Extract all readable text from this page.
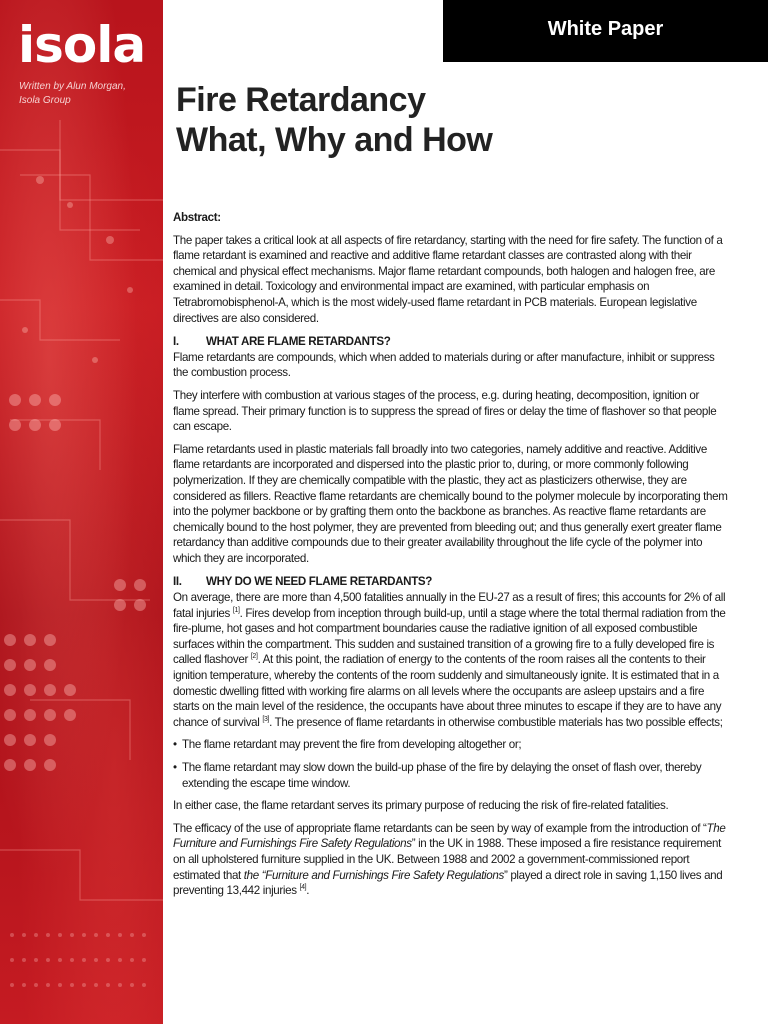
isola
Written by Alun Morgan, Isola Group
White Paper
Fire Retardancy
What, Why and How

Abstract:

The paper takes a critical look at all aspects of fire retardancy, starting with the need for fire safety. The function of a flame retardant is examined and reactive and additive flame retardant classes are contrasted along with their chemical and physical effect mechanisms. Major flame retardant compounds, both halogen and halogen free, are examined in detail. Toxicology and environmental impact are examined, with particular emphasis on Tetrabromobisphenol-A, which is the most widely-used flame retardant in PCB materials. European legislative directives are also considered.

I. WHAT ARE FLAME RETARDANTS?

Flame retardants are compounds, which when added to materials during or after manufacture, inhibit or suppress the combustion process.

They interfere with combustion at various stages of the process, e.g. during heating, decomposition, ignition or flame spread. Their primary function is to suppress the spread of fires or delay the time of flashover so that people can escape.

Flame retardants used in plastic materials fall broadly into two categories, namely additive and reactive. Additive flame retardants are incorporated and dispersed into the plastic prior to, during, or more commonly following polymerization. If they are chemically compatible with the plastic, they act as plasticizers otherwise, they are considered as fillers. Reactive flame retardants are chemically bound to the polymer molecule by incorporating them into the polymer backbone or by grafting them onto the backbone as branches. As reactive flame retardants are chemically bound to the host polymer, they are prevented from bleeding out; and thus generally exert greater flame retardancy than additive compounds due to their greater availability throughout the life cycle of the polymer into which they are incorporated.

II. WHY DO WE NEED FLAME RETARDANTS?

On average, there are more than 4,500 fatalities annually in the EU-27 as a result of fires; this accounts for 2% of all fatal injuries [1]. Fires develop from inception through build-up, until a stage where the total thermal radiation from the fire-plume, hot gases and hot compartment boundaries cause the radiative ignition of all exposed combustible surfaces within the compartment. This sudden and sustained transition of a growing fire to a fully developed fire is called flashover [2]. At this point, the radiation of energy to the contents of the room raises all the contents to their ignition temperature, whereby the contents of the room suddenly and simultaneously ignite. It is estimated that in a domestic dwelling fitted with working fire alarms on all levels where the occupants are asleep upstairs and a fire starts on the main level of the residence, the occupants have about three minutes to escape if they are to have any chance of survival [3]. The presence of flame retardants in otherwise combustible materials has two possible effects;

• The flame retardant may prevent the fire from developing altogether or;

• The flame retardant may slow down the build-up phase of the fire by delaying the onset of flash over, thereby extending the escape time window.

In either case, the flame retardant serves its primary purpose of reducing the risk of fire-related fatalities.

The efficacy of the use of appropriate flame retardants can be seen by way of example from the introduction of “The Furniture and Furnishings Fire Safety Regulations” in the UK in 1988. These imposed a fire resistance requirement on all upholstered furniture supplied in the UK. Between 1988 and 2002 a government-commissioned report estimated that the “Furniture and Furnishings Fire Safety Regulations” played a direct role in saving 1,150 lives and preventing 13,442 injuries [4].
